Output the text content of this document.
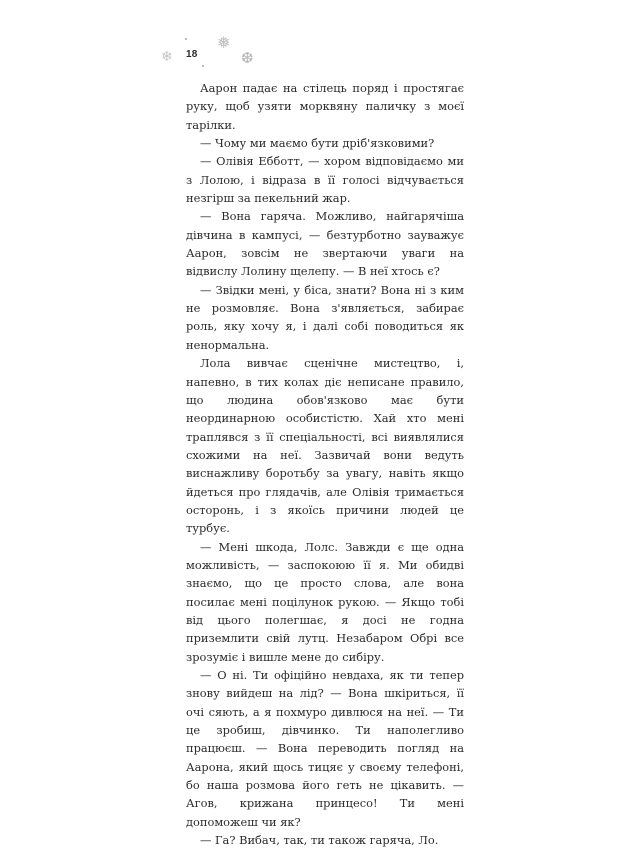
❄ 18
❅
❆

Аарон падає на стілець поряд і простягає руку, щоб узяти морквяну паличку з моєї тарілки.

— Чому ми маємо бути дріб'язковими?

— Олівія Еббoтт, — хором відповідаємо ми з Лолою, і відраза в її голосі відчувається незгірш за пекельний жар.

— Вона гаряча. Можливо, найгарячіша дівчина в кампусі, — безтурботно зауважує Аарон, зовсім не звертаючи уваги на відвислу Лолину щелепу. — В неї хтось є?

— Звідки мені, у біса, знати? Вона ні з ким не розмовляє. Вона з'являється, забирає роль, яку хочу я, і далі собі поводиться як ненормальна.

Лола вивчає сценічне мистецтво, і, напевно, в тих колах діє неписане правило, що людина обов'язково має бути неординарною особистістю. Хай хто мені траплявся з її спеціальності, всі виявлялися схожими на неї. Зазвичай вони ведуть виснажливу боротьбу за увагу, навіть якщо йдеться про глядачів, але Олівія тримається осторонь, і з якоїсь причини людей це турбує.

— Мені шкода, Лолс. Завжди є ще одна можливість, — заспокоюю її я. Ми обидві знаємо, що це просто слова, але вона посилає мені поцілунок рукою. — Якщо тобі від цього полегшає, я досі не годна приземлити свій лутц. Незабаром Обрі все зрозуміє і вишле мене до сибіру.

— О ні. Ти офіційно невдаха, як ти тепер знову вийдеш на лід? — Вона шкіриться, її очі сяють, а я похмуро дивлюся на неї. — Ти це зробиш, дівчинко. Ти наполегливо працюєш. — Вона переводить погляд на Аарона, який щось тицяє у своєму телефоні, бо наша розмова його геть не цікавить. — Агов, крижана принцесо! Ти мені допоможеш чи як?

— Га? Вибач, так, ти також гаряча, Ло.
